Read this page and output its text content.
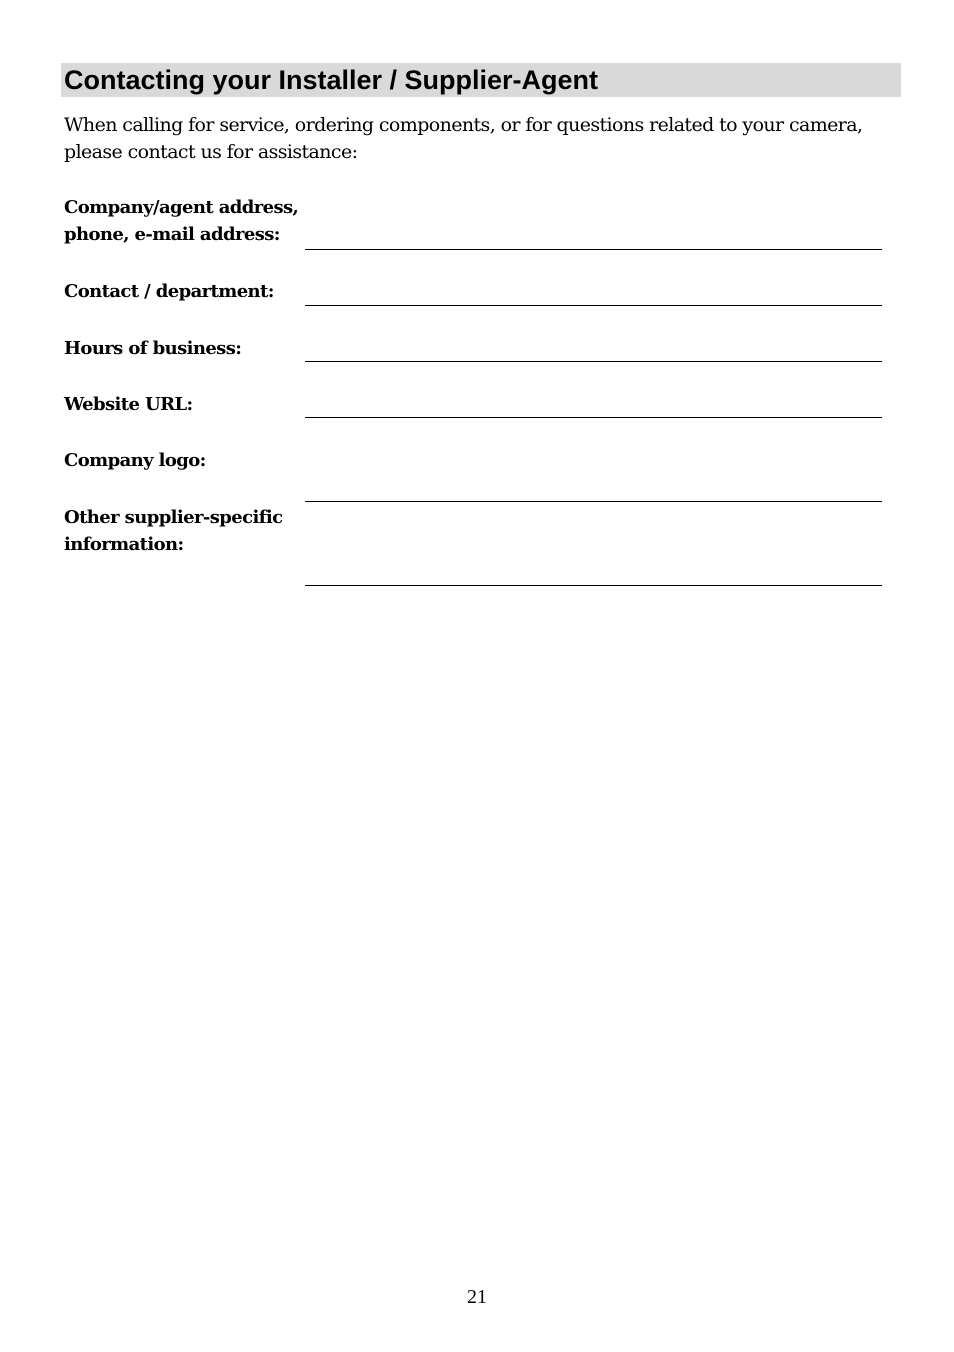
Contacting your Installer / Supplier-Agent
When calling for service, ordering components, or for questions related to your camera,
please contact us for assistance:
Company/agent address,
phone, e-mail address:
Contact / department:
Hours of business:
Website URL:
Company logo:
Other supplier-specific
information:
21
